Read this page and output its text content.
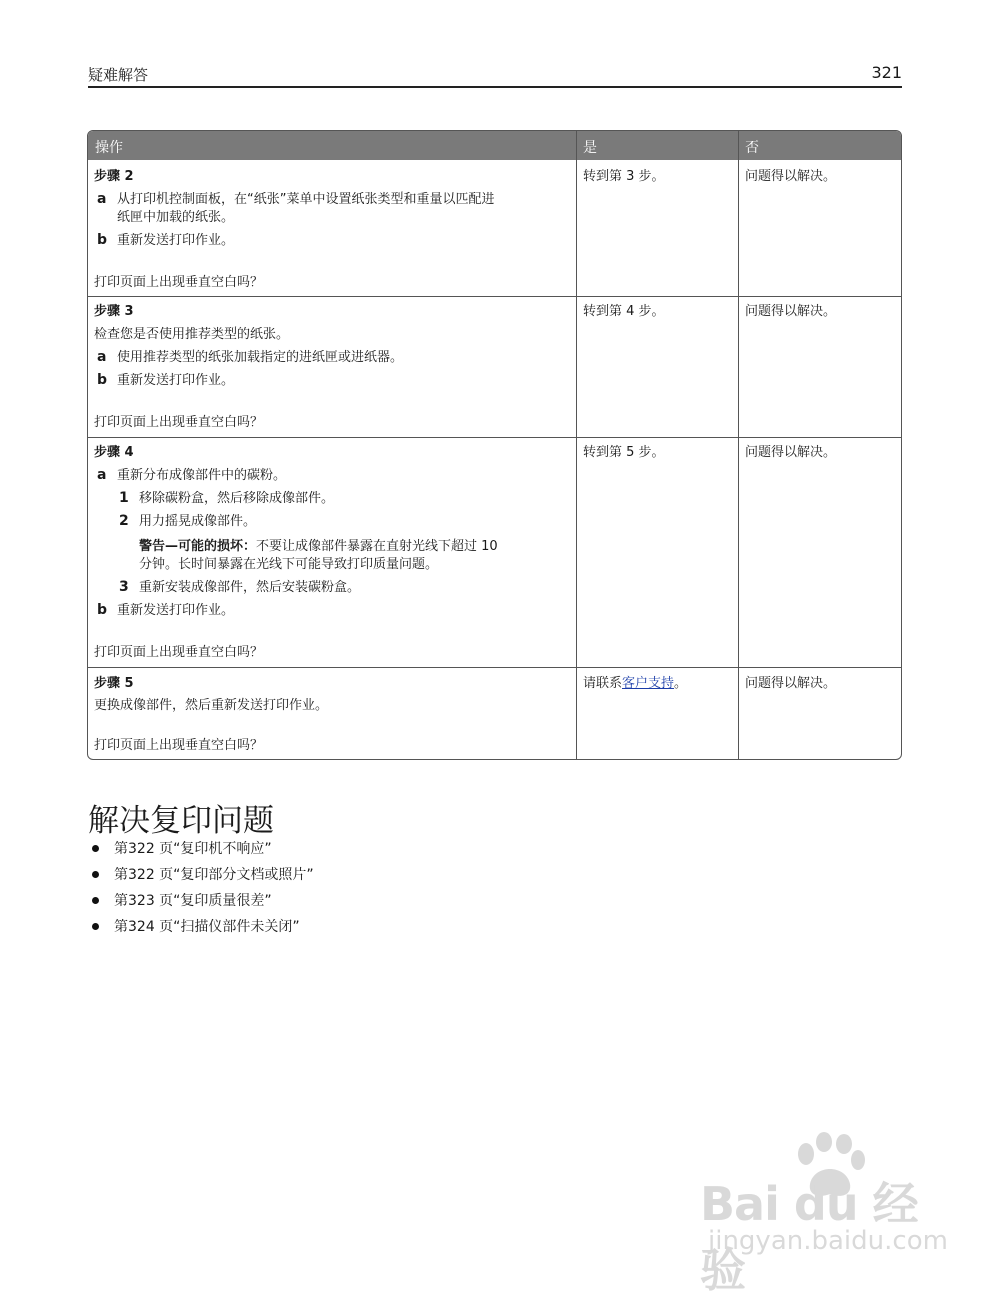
疑难解答	321
操作	是	否
步骤 2
a 从打印机控制面板，在“纸张”菜单中设置纸张类型和重量以匹配进
纸匣中加载的纸张。
b 重新发送打印作业。
打印页面上出现垂直空白吗？
转到第 3 步。	问题得以解决。
步骤 3
检查您是否使用推荐类型的纸张。
a 使用推荐类型的纸张加载指定的进纸匣或进纸器。
b 重新发送打印作业。
打印页面上出现垂直空白吗？
转到第 4 步。	问题得以解决。
步骤 4
a 重新分布成像部件中的碳粉。
1 移除碳粉盒，然后移除成像部件。
2 用力摇晃成像部件。
警告—可能的损坏：不要让成像部件暴露在直射光线下超过 10
分钟。长时间暴露在光线下可能导致打印质量问题。
3 重新安装成像部件，然后安装碳粉盒。
b 重新发送打印作业。
打印页面上出现垂直空白吗？
转到第 5 步。	问题得以解决。
步骤 5
更换成像部件，然后重新发送打印作业。
打印页面上出现垂直空白吗？
请联系客户支持。	问题得以解决。
解决复印问题
第322 页“复印机不响应”
第322 页“复印部分文档或照片”
第323 页“复印质量很差”
第324 页“扫描仪部件未关闭”
Bai du 经验
jingyan.baidu.com
